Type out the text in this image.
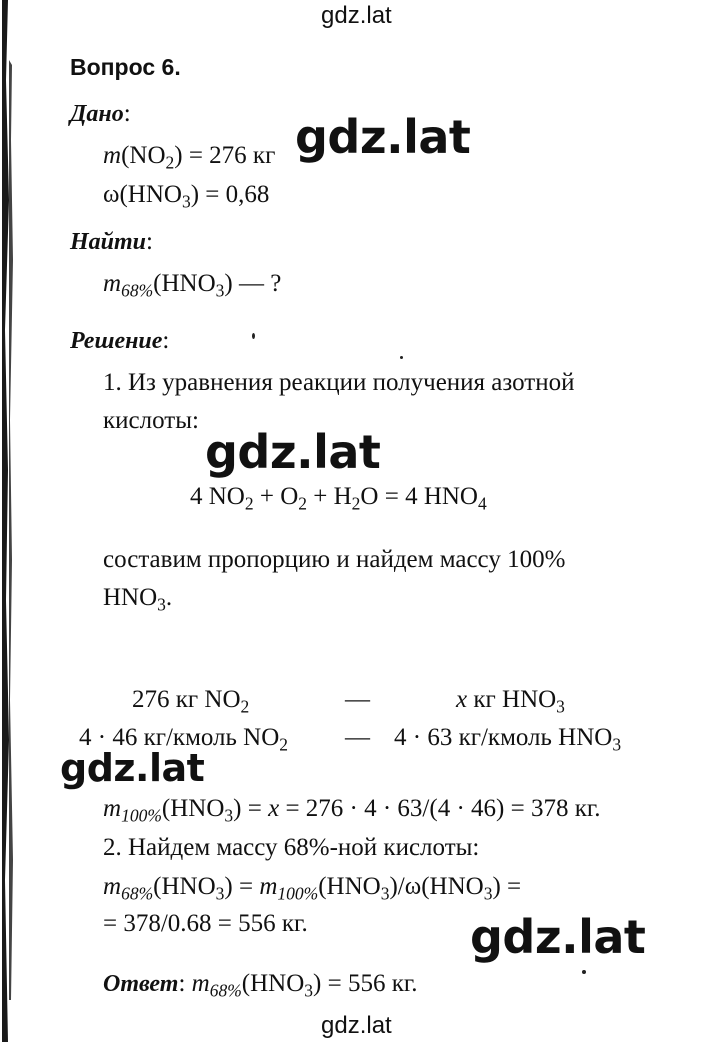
gdz.lat
Вопрос 6.
Дано:
$m(NO_2) = 276$ кг gdz.lat
$\omega(HNO_3) = 0,68$
Найти:
$m_{68\%}(HNO_3)$ — ?
Решение:
1. Из уравнения реакции получения азотной
кислоты:
gdz.lat
4 $NO_2 + O_2 + H_2O = 4$ $HNO_4$
составим пропорцию и найдем массу 100%
$HNO_3$.
276 кг $NO_2$	—	x кг $HNO_3$
4 · 46 кг/кмоль $NO_2$ — 4 · 63 кг/кмоль $HNO_3$
gdz.lat
$m_{100\%}(HNO_3) = x = 276 \cdot 4 \cdot 63/(4 \cdot 46) = 378$ кг.
2. Найдем массу 68%-ной кислоты:
$m_{68\%}(HNO_3) = m_{100\%}(HNO_3)/\omega(HNO_3)$ =
= 378/0.68 = 556 кг.	gdz.lat
Ответ: $m_{68\%}(HNO_3) = 556$ кг.
gdz.lat
